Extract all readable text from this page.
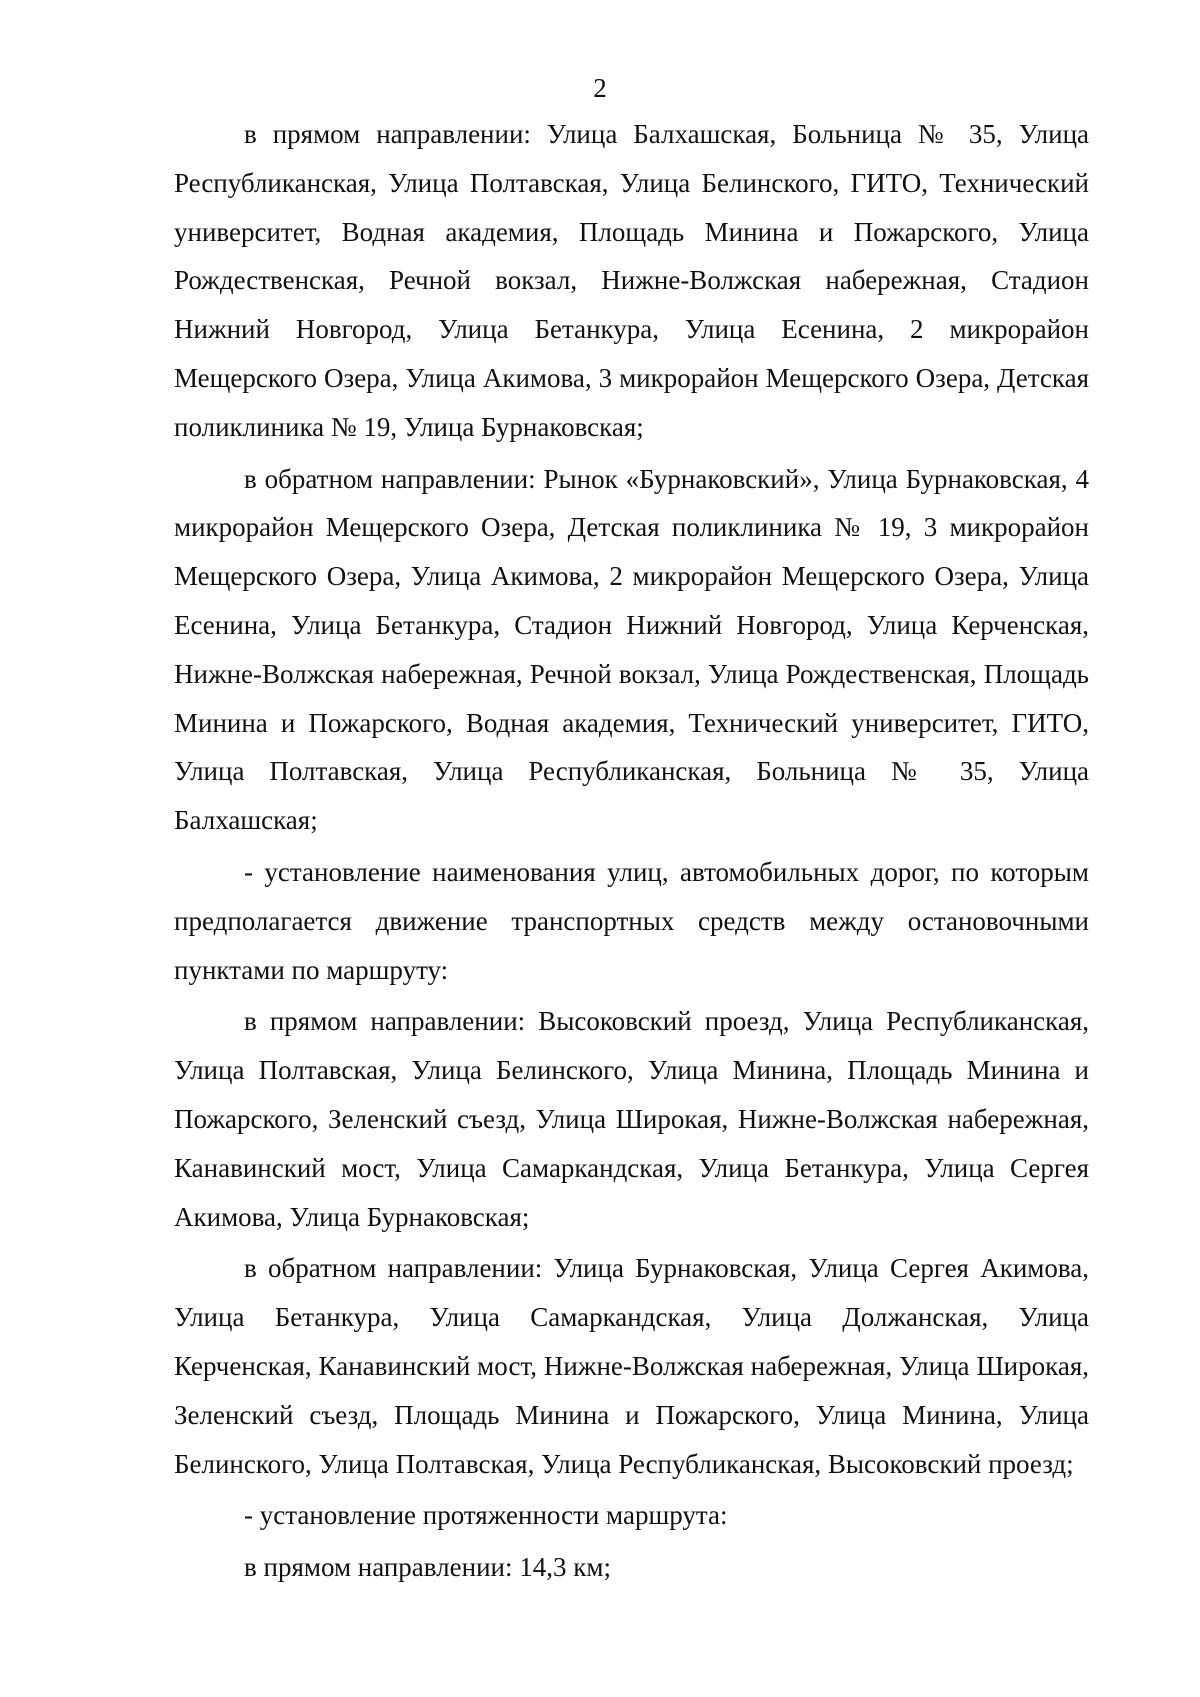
2

в прямом направлении: Улица Балхашская, Больница № 35, Улица Республиканская, Улица Полтавская, Улица Белинского, ГИТО, Технический университет, Водная академия, Площадь Минина и Пожарского, Улица Рождественская, Речной вокзал, Нижне-Волжская набережная, Стадион Нижний Новгород, Улица Бетанкура, Улица Есенина, 2 микрорайон Мещерского Озера, Улица Акимова, 3 микрорайон Мещерского Озера, Детская поликлиника № 19, Улица Бурнаковская;

в обратном направлении: Рынок «Бурнаковский», Улица Бурнаковская, 4 микрорайон Мещерского Озера, Детская поликлиника № 19, 3 микрорайон Мещерского Озера, Улица Акимова, 2 микрорайон Мещерского Озера, Улица Есенина, Улица Бетанкура, Стадион Нижний Новгород, Улица Керченская, Нижне-Волжская набережная, Речной вокзал, Улица Рождественская, Площадь Минина и Пожарского, Водная академия, Технический университет, ГИТО, Улица Полтавская, Улица Республиканская, Больница № 35, Улица Балхашская;

- установление наименования улиц, автомобильных дорог, по которым предполагается движение транспортных средств между остановочными пунктами по маршруту:

в прямом направлении: Высоковский проезд, Улица Республиканская, Улица Полтавская, Улица Белинского, Улица Минина, Площадь Минина и Пожарского, Зеленский съезд, Улица Широкая, Нижне-Волжская набережная, Канавинский мост, Улица Самаркандская, Улица Бетанкура, Улица Сергея Акимова, Улица Бурнаковская;

в обратном направлении: Улица Бурнаковская, Улица Сергея Акимова, Улица Бетанкура, Улица Самаркандская, Улица Должанская, Улица Керченская, Канавинский мост, Нижне-Волжская набережная, Улица Широкая, Зеленский съезд, Площадь Минина и Пожарского, Улица Минина, Улица Белинского, Улица Полтавская, Улица Республиканская, Высоковский проезд;

- установление протяженности маршрута:

в прямом направлении: 14,3 км;
